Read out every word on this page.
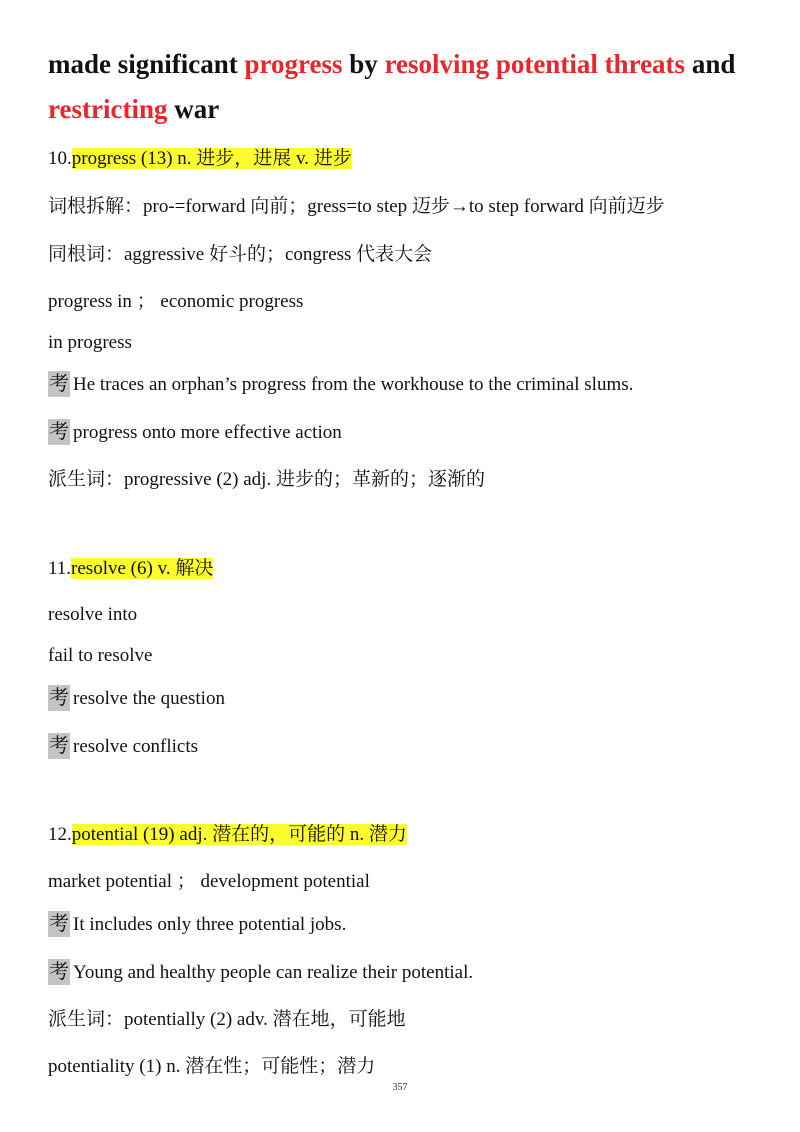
made significant progress by resolving potential threats and
restricting war

10.progress (13) n. 进步，进展 v. 进步
词根拆解：pro-=forward 向前；gress=to step 迈步→to step forward 向前迈步
同根词：aggressive 好斗的；congress 代表大会
progress in ； economic progress
in progress
考 He traces an orphan’s progress from the workhouse to the criminal slums.
考 progress onto more effective action
派生词：progressive (2) adj. 进步的；革新的；逐渐的
11.resolve (6) v. 解决
resolve into
fail to resolve
考 resolve the question
考 resolve conflicts
12.potential (19) adj. 潜在的，可能的 n. 潜力
market potential ； development potential
考 It includes only three potential jobs.
考 Young and healthy people can realize their potential.
派生词：potentially (2) adv. 潜在地，可能地
potentiality (1) n. 潜在性；可能性；潜力
357
